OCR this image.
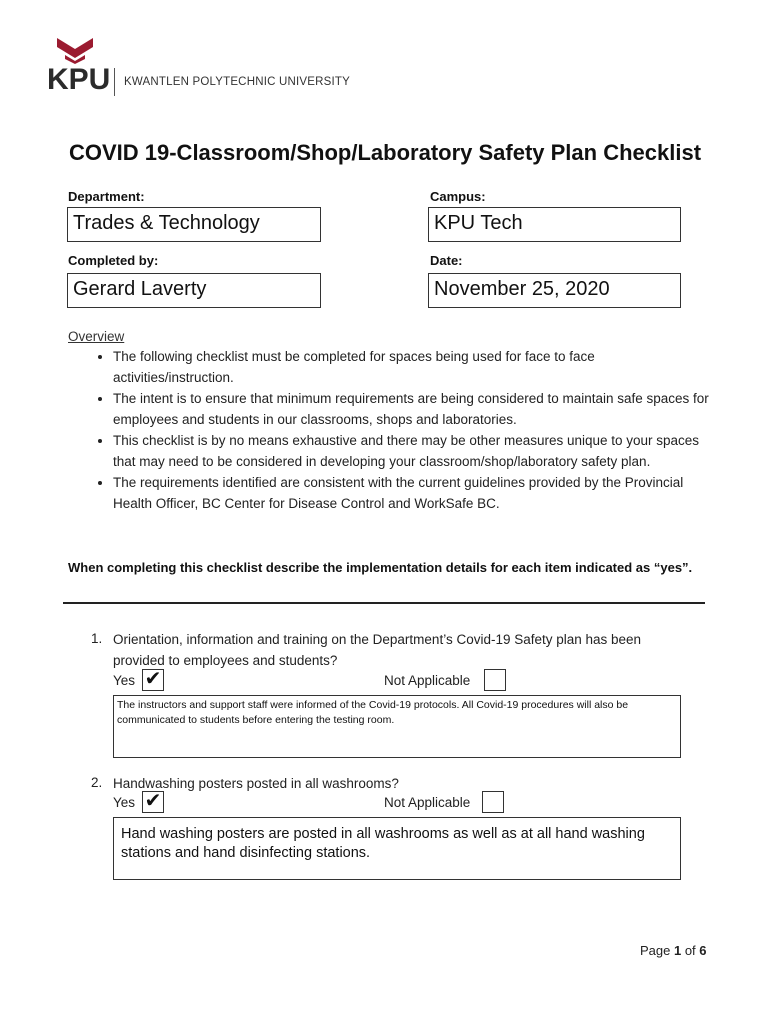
KPU KWANTLEN POLYTECHNIC UNIVERSITY
COVID 19-Classroom/Shop/Laboratory Safety Plan Checklist
Department:
Trades & Technology
Campus:
KPU Tech
Completed by:
Gerard Laverty
Date:
November 25, 2020
Overview
• The following checklist must be completed for spaces being used for face to face activities/instruction.
• The intent is to ensure that minimum requirements are being considered to maintain safe spaces for employees and students in our classrooms, shops and laboratories.
• This checklist is by no means exhaustive and there may be other measures unique to your spaces that may need to be considered in developing your classroom/shop/laboratory safety plan.
• The requirements identified are consistent with the current guidelines provided by the Provincial Health Officer, BC Center for Disease Control and WorkSafe BC.
When completing this checklist describe the implementation details for each item indicated as “yes”.
1. Orientation, information and training on the Department’s Covid-19 Safety plan has been provided to employees and students?
Yes ✔	Not Applicable
The instructors and support staff were informed of the Covid-19 protocols. All Covid-19 procedures will also be communicated to students before entering the testing room.
2. Handwashing posters posted in all washrooms?
Yes ✔	Not Applicable
Hand washing posters are posted in all washrooms as well as at all hand washing stations and hand disinfecting stations.
Page 1 of 6
